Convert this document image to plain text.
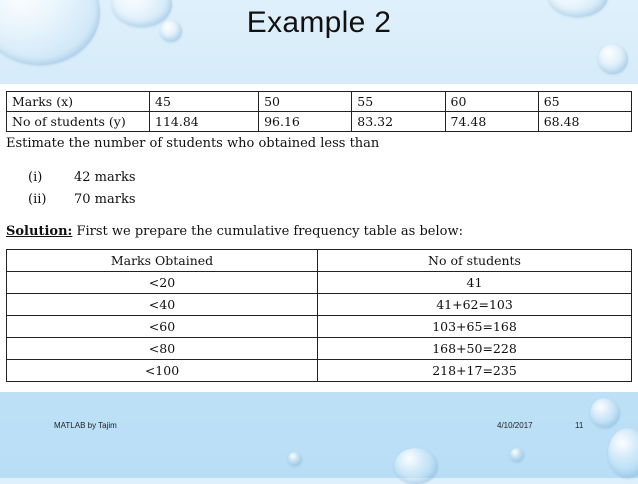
Example 2
Marks (x)	45	50	55	60	65
No of students (y)	114.84	96.16	83.32	74.48	68.48
Estimate the number of students who obtained less than
(i) 42 marks
(ii) 70 marks
Solution: First we prepare the cumulative frequency table as below:
Marks Obtained	No of students
<20	41
<40	41+62=103
<60	103+65=168
<80	168+50=228
<100	218+17=235
MATLAB by Tajim	4/10/2017	11
